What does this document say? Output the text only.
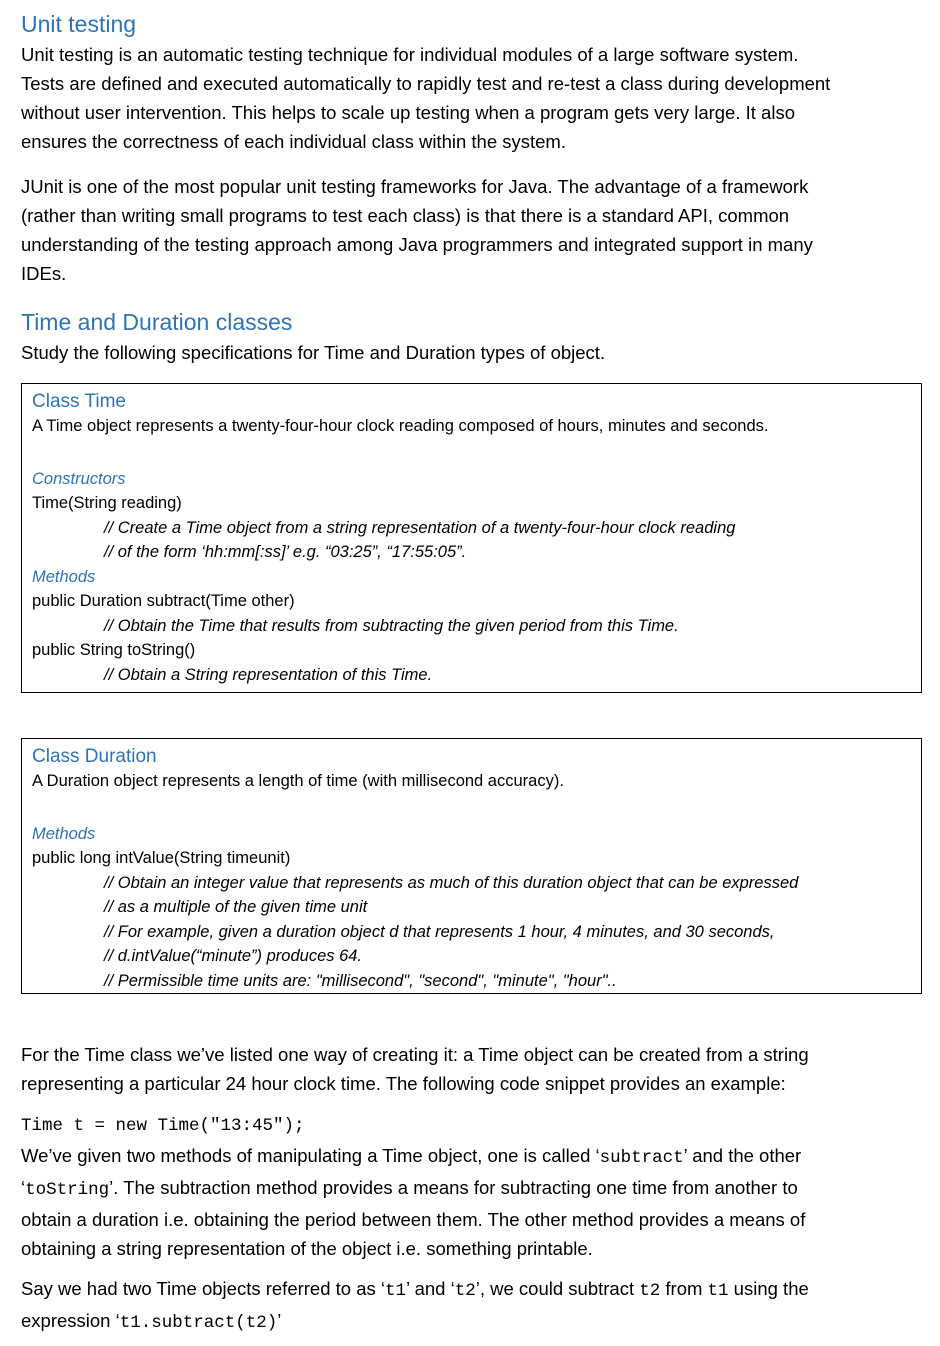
Unit testing
Unit testing is an automatic testing technique for individual modules of a large software system.
Tests are defined and executed automatically to rapidly test and re-test a class during development
without user intervention. This helps to scale up testing when a program gets very large. It also
ensures the correctness of each individual class within the system.
JUnit is one of the most popular unit testing frameworks for Java. The advantage of a framework
(rather than writing small programs to test each class) is that there is a standard API, common
understanding of the testing approach among Java programmers and integrated support in many
IDEs.
Time and Duration classes
Study the following specifications for Time and Duration types of object.
Class Time
A Time object represents a twenty-four-hour clock reading composed of hours, minutes and seconds.
Constructors
Time(String reading)
// Create a Time object from a string representation of a twenty-four-hour clock reading
// of the form ‘hh:mm[:ss]’ e.g. “03:25”, “17:55:05”.
Methods
public Duration subtract(Time other)
// Obtain the Time that results from subtracting the given period from this Time.
public String toString()
// Obtain a String representation of this Time.
Class Duration
A Duration object represents a length of time (with millisecond accuracy).
Methods
public long intValue(String timeunit)
// Obtain an integer value that represents as much of this duration object that can be expressed
// as a multiple of the given time unit
// For example, given a duration object d that represents 1 hour, 4 minutes, and 30 seconds,
// d.intValue(“minute”) produces 64.
// Permissible time units are: "millisecond", "second", "minute", "hour"..
For the Time class we’ve listed one way of creating it: a Time object can be created from a string
representing a particular 24 hour clock time. The following code snippet provides an example:
Time t = new Time("13:45");
We’ve given two methods of manipulating a Time object, one is called ‘subtract’ and the other
‘toString’. The subtraction method provides a means for subtracting one time from another to
obtain a duration i.e. obtaining the period between them. The other method provides a means of
obtaining a string representation of the object i.e. something printable.
Say we had two Time objects referred to as ‘t1’ and ‘t2’, we could subtract t2 from t1 using the
expression ‘t1.subtract(t2)’
